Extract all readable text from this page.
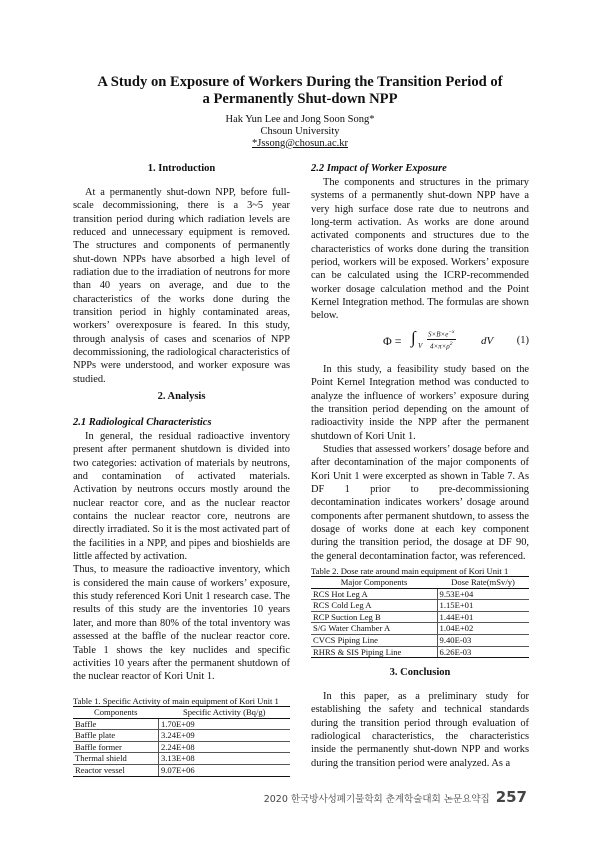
A Study on Exposure of Workers During the Transition Period of
a Permanently Shut-down NPP
Hak Yun Lee and Jong Soon Song*
Chsoun University
*Jssong@chosun.ac.kr
1. Introduction

At a permanently shut-down NPP, before full-scale decommissioning, there is a 3~5 year transition period during which radiation levels are reduced and unnecessary equipment is removed. The structures and components of permanently shut-down NPPs have absorbed a high level of radiation due to the irradiation of neutrons for more than 40 years on average, and due to the characteristics of the works done during the transition period in highly contaminated areas, workers’ overexposure is feared. In this study, through analysis of cases and scenarios of NPP decommissioning, the radiological characteristics of NPPs were understood, and worker exposure was studied.

2. Analysis
2.1 Radiological Characteristics

In general, the residual radioactive inventory present after permanent shutdown is divided into two categories: activation of materials by neutrons, and contamination of activated materials. Activation by neutrons occurs mostly around the nuclear reactor core, and as the nuclear reactor contains the nuclear reactor core, neutrons are directly irradiated. So it is the most activated part of the facilities in a NPP, and pipes and bioshields are little affected by activation.

Thus, to measure the radioactive inventory, which is considered the main cause of workers’ exposure, this study referenced Kori Unit 1 research case. The results of this study are the inventories 10 years later, and more than 80% of the total inventory was assessed at the baffle of the nuclear reactor core. Table 1 shows the key nuclides and specific activities 10 years after the permanent shutdown of the nuclear reactor of Kori Unit 1.

Table 1. Specific Activity of main equipment of Kori Unit 1
Components	Specific Activity (Bq/g)
Baffle	1.70E+09
Baffle plate	3.24E+09
Baffle former	2.24E+08
Thermal shield	3.13E+08
Reactor vessel	9.07E+06
2.2 Impact of Worker Exposure

The components and structures in the primary systems of a permanently shut-down NPP have a very high surface dose rate due to neutrons and long-term activation. As works are done around activated components and structures due to the characteristics of works done during the transition period, workers will be exposed. Workers’ exposure can be calculated using the ICRP-recommended worker dosage calculation method and the Point Kernel Integration method. The formulas are shown below.

Φ = ∫ V $\frac{S\times B\times e^{-x}}{4\times\pi\times\rho^2}$ dV (1)

In this study, a feasibility study based on the Point Kernel Integration method was conducted to analyze the influence of workers’ exposure during the transition period depending on the amount of radioactivity inside the NPP after the permanent shutdown of Kori Unit 1.

Studies that assessed workers’ dosage before and after decontamination of the major components of Kori Unit 1 were excerpted as shown in Table 7. As DF 1 prior to pre-decommissioning decontamination indicates workers’ dosage around components after permanent shutdown, to assess the dosage of works done at each key component during the transition period, the dosage at DF 90, the general decontamination factor, was referenced.

Table 2. Dose rate around main equipment of Kori Unit 1
Major Components	Dose Rate(mSv/y)
RCS Hot Leg A	9.53E+04
RCS Cold Leg A	1.15E+01
RCP Suction Leg B	1.44E+01
S/G Water Chamber A	1.04E+02
CVCS Piping Line	9.40E-03
RHRS & SIS Piping Line	6.26E-03
3. Conclusion

In this paper, as a preliminary study for establishing the safety and technical standards during the transition period through evaluation of radiological characteristics, the characteristics inside the permanently shut-down NPP and works during the transition period were analyzed. As a

2020 한국방사성폐기물학회 춘계학술대회 논문요약집 257
